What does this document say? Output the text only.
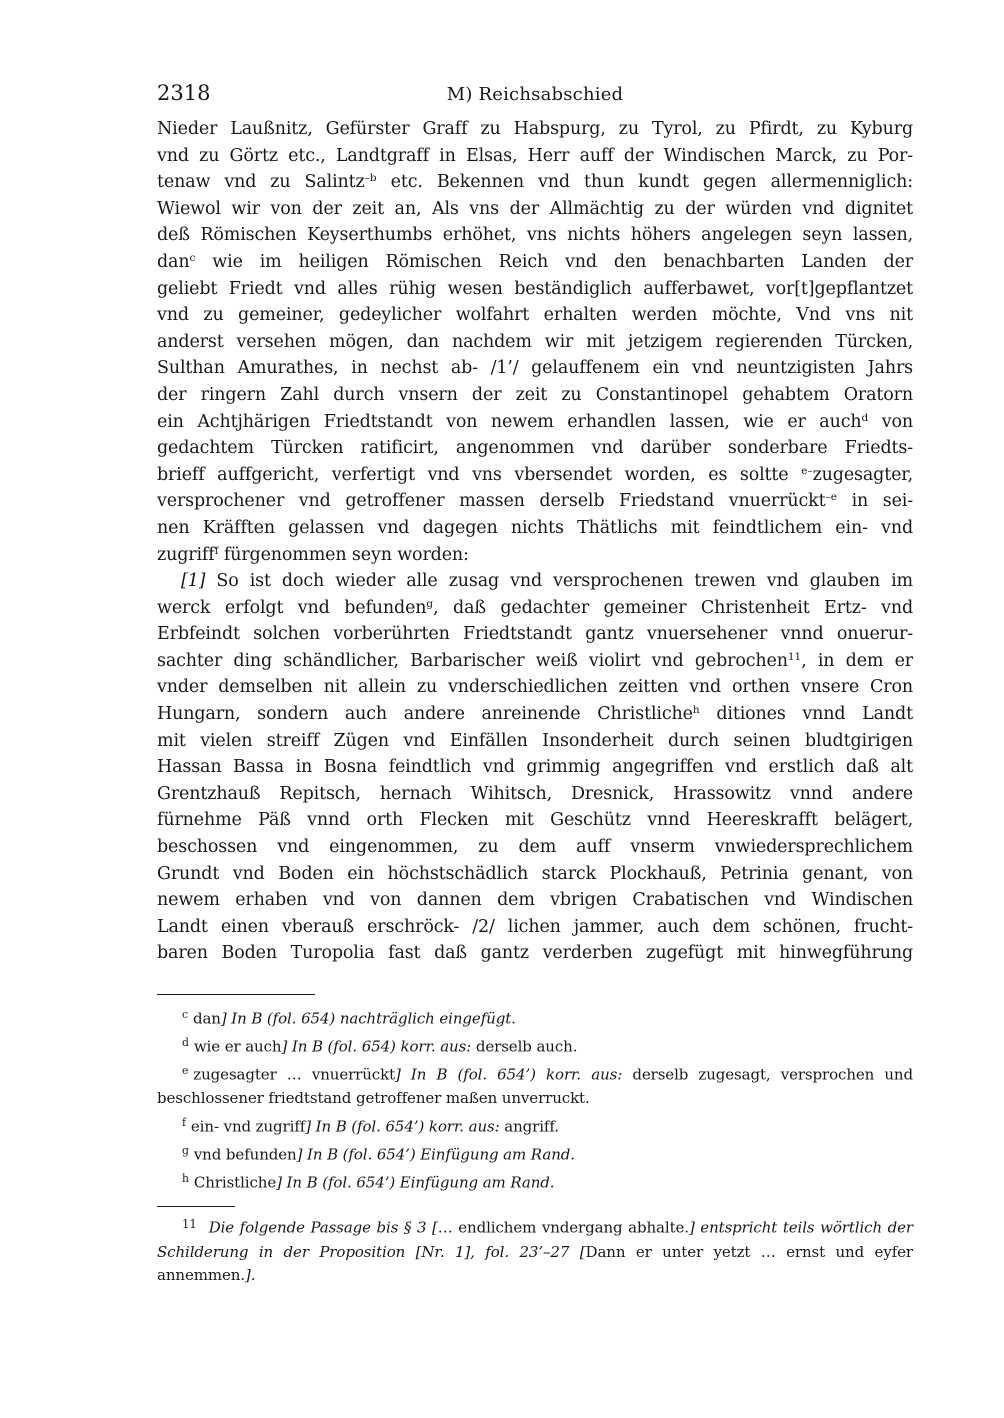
2318	M) Reichsabschied
Nieder Laußnitz, Gefürster Graff zu Habspurg, zu Tyrol, zu Pfirdt, zu Kyburg
vnd zu Görtz etc., Landtgraff in Elsas, Herr auff der Windischen Marck, zu Por-
tenaw vnd zu Salintz$^{-b}$ etc. Bekennen vnd thun kundt gegen allermenniglich:
Wiewol wir von der zeit an, Als vns der Allmächtig zu der würden vnd dignitet
deß Römischen Keyserthumbs erhöhet, vns nichts höhers angelegen seyn lassen,
dan$^c$ wie im heiligen Römischen Reich vnd den benachbarten Landen der
geliebt Friedt vnd alles rühig wesen beständiglich aufferbawet, vor[t]gepflantzet
vnd zu gemeiner, gedeylicher wolfahrt erhalten werden möchte, Vnd vns nit
anderst versehen mögen, dan nachdem wir mit jetzigem regierenden Türcken,
Sulthan Amurathes, in nechst ab- /1’/ gelauffenem ein vnd neuntzigisten Jahrs
der ringern Zahl durch vnsern der zeit zu Constantinopel gehabtem Oratorn
ein Achtjhärigen Friedtstandt von newem erhandlen lassen, wie er auch$^d$ von
gedachtem Türcken ratificirt, angenommen vnd darüber sonderbare Friedts-
brieff auffgericht, verfertigt vnd vns vbersendet worden, es soltte $^{e-}$zugesagter,
versprochener vnd getroffener massen derselb Friedstand vnuerrückt$^{-e}$ in sei-
nen Kräfften gelassen vnd dagegen nichts Thätlichs mit feindtlichem ein- vnd
zugriff$^f$ fürgenommen seyn worden:
[1] So ist doch wieder alle zusag vnd versprochenen trewen vnd glauben im
werck erfolgt vnd befunden$^g$, daß gedachter gemeiner Christenheit Ertz- vnd
Erbfeindt solchen vorberührten Friedtstandt gantz vnuersehener vnnd onuerur-
sachter ding schändlicher, Barbarischer weiß violirt vnd gebrochen$^{11}$, in dem er
vnder demselben nit allein zu vnderschiedlichen zeitten vnd orthen vnsere Cron
Hungarn, sondern auch andere anreinende Christliche$^h$ ditiones vnnd Landt
mit vielen streiff Zügen vnd Einfällen Insonderheit durch seinen bludtgirigen
Hassan Bassa in Bosna feindtlich vnd grimmig angegriffen vnd erstlich daß alt
Grentzhauß Repitsch, hernach Wihitsch, Dresnick, Hrassowitz vnnd andere
fürnehme Päß vnnd orth Flecken mit Geschütz vnnd Heereskrafft belägert,
beschossen vnd eingenommen, zu dem auff vnserm vnwiedersprechlichem
Grundt vnd Boden ein höchstschädlich starck Plockhauß, Petrinia genant, von
newem erhaben vnd von dannen dem vbrigen Crabatischen vnd Windischen
Landt einen vberauß erschröck- /2/ lichen jammer, auch dem schönen, frucht-
baren Boden Turopolia fast daß gantz verderben zugefügt mit hinwegführung

$^c$ dan] In B (fol. 654) nachträglich eingefügt.

$^d$ wie er auch] In B (fol. 654) korr. aus: derselb auch.

$^e$ zugesagter … vnuerrückt] In B (fol. 654’) korr. aus: derselb zugesagt, versprochen und beschlossener friedtstand getroffener maßen unverruckt.

$^f$ ein- vnd zugriff] In B (fol. 654’) korr. aus: angriff.

$^g$ vnd befunden] In B (fol. 654’) Einfügung am Rand.

$^h$ Christliche] In B (fol. 654’) Einfügung am Rand.

$^{11}$ Die folgende Passage bis § 3 [… endlichem vndergang abhalte.] entspricht teils wörtlich der Schilderung in der Proposition [Nr. 1], fol. 23’–27 [Dann er unter yetzt … ernst und eyfer annemmen.].
